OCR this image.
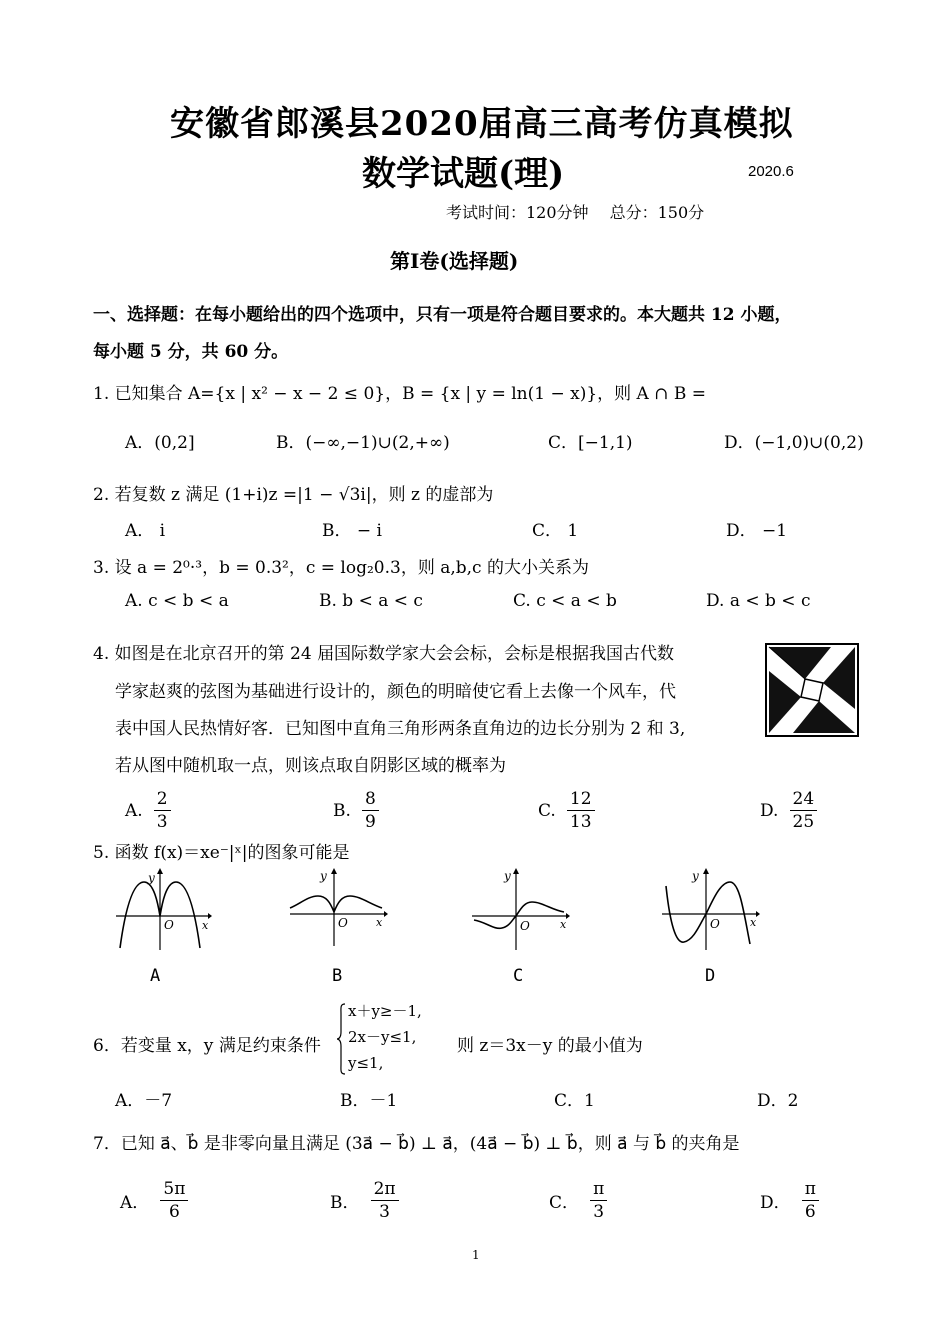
安徽省郎溪县2020届高三高考仿真模拟
数学试题(理)	2020.6
考试时间：120分钟　 总分：150分
第Ⅰ卷(选择题)
一、选择题：在每小题给出的四个选项中，只有一项是符合题目要求的。本大题共 12 小题，
每小题 5 分，共 60 分。
1. 已知集合 A={x | x² − x − 2 ≤ 0}，B = {x | y = ln(1 − x)}，则 A ∩ B =
A．(0,2]	B．(−∞,−1)∪(2,+∞)	C．[−1,1)	D．(−1,0)∪(0,2)
2. 若复数 z 满足 (1+i)z =|1 − √3i|，则 z 的虚部为
A． i	B． − i	C． 1	D． −1
3. 设 a = 2⁰·³，b = 0.3²，c = log₂0.3，则 a,b,c 的大小关系为
A. c < b < a	B. b < a < c	C. c < a < b	D. a < b < c
4. 如图是在北京召开的第 24 届国际数学家大会会标，会标是根据我国古代数
学家赵爽的弦图为基础进行设计的，颜色的明暗使它看上去像一个风车，代
表中国人民热情好客．已知图中直角三角形两条直角边的边长分别为 2 和 3,
若从图中随机取一点，则该点取自阴影区域的概率为
A. $\frac{2}{3}$	B. $\frac{8}{9}$	C. $\frac{12}{13}$	D. $\frac{24}{25}$
5. 函数 f(x)＝xe⁻|ˣ|的图象可能是
y
O	x
A
y
O	x
B
y
O	x
C
y
O	x
D
6．若变量 x，y 满足约束条件
x＋y≥－1,
2x－y≤1,
y≤1,
则 z＝3x－y 的最小值为
A．－7	B．－1	C．1	D．2
7．已知 a⃗、b⃗ 是非零向量且满足 (3a⃗ − b⃗) ⊥ a⃗，(4a⃗ − b⃗) ⊥ b⃗，则 a⃗ 与 b⃗ 的夹角是
A． $\frac{5\pi}{6}$	B． $\frac{2\pi}{3}$	C． $\frac{\pi}{3}$	D． $\frac{\pi}{6}$
1
